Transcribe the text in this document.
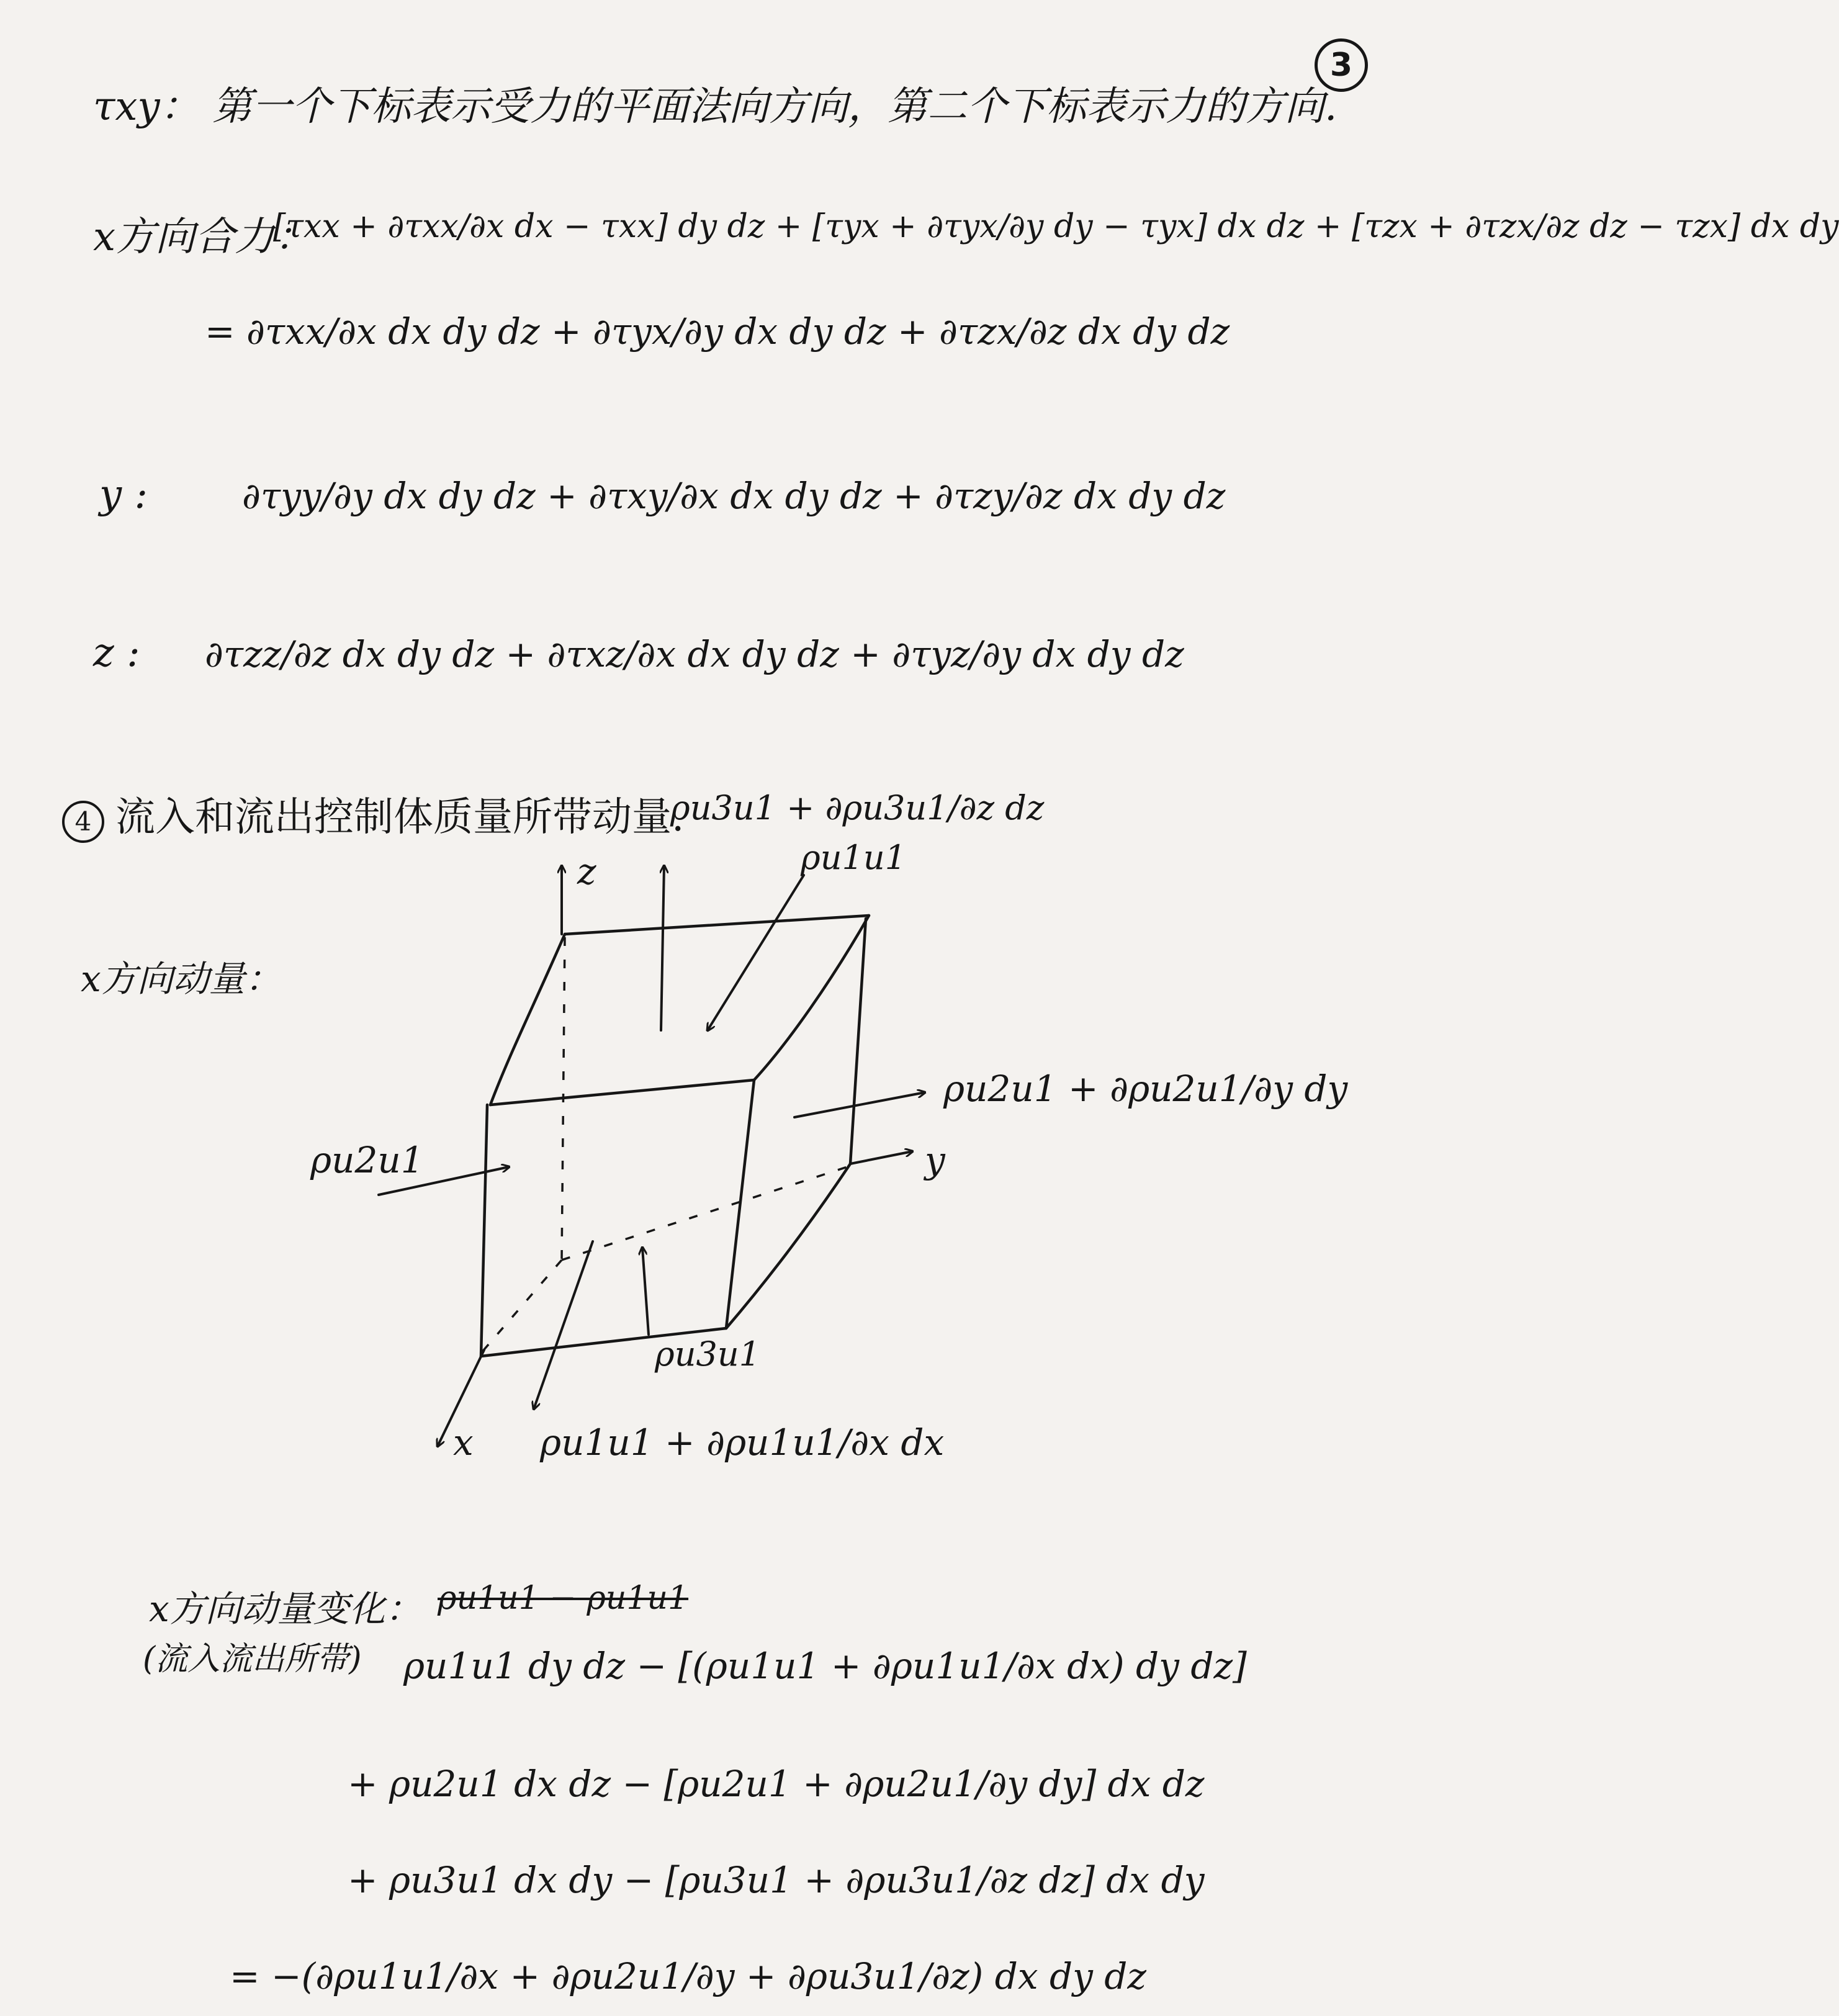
3
τxy： 第一个下标表示受力的平面法向方向，第二个下标表示力的方向.
x方向合力：
[τxx + ∂τxx/∂x dx − τxx] dy dz + [τyx + ∂τyx/∂y dy − τyx] dx dz + [τzx + ∂τzx/∂z dz − τzx] dx dy
= ∂τxx/∂x dx dy dz + ∂τyx/∂y dx dy dz + ∂τzx/∂z dx dy dz
y :	∂τyy/∂y dx dy dz + ∂τxy/∂x dx dy dz + ∂τzy/∂z dx dy dz
z : ∂τzz/∂z dx dy dz + ∂τxz/∂x dx dy dz + ∂τyz/∂y dx dy dz
4 流入和流出控制体质量所带动量.
x方向动量：
ρu3u1 + ∂ρu3u1/∂z dz
ρu1u1
z
y
x
ρu2u1 + ∂ρu2u1/∂y dy
ρu2u1
ρu3u1
ρu1u1 + ∂ρu1u1/∂x dx
x方向动量变化：
(流入流出所带)
ρu1u1 − ρu1u1
ρu1u1 dy dz − [(ρu1u1 + ∂ρu1u1/∂x dx) dy dz]
+ ρu2u1 dx dz − [ρu2u1 + ∂ρu2u1/∂y dy] dx dz
+ ρu3u1 dx dy − [ρu3u1 + ∂ρu3u1/∂z dz] dx dy
= −(∂ρu1u1/∂x + ∂ρu2u1/∂y + ∂ρu3u1/∂z) dx dy dz
